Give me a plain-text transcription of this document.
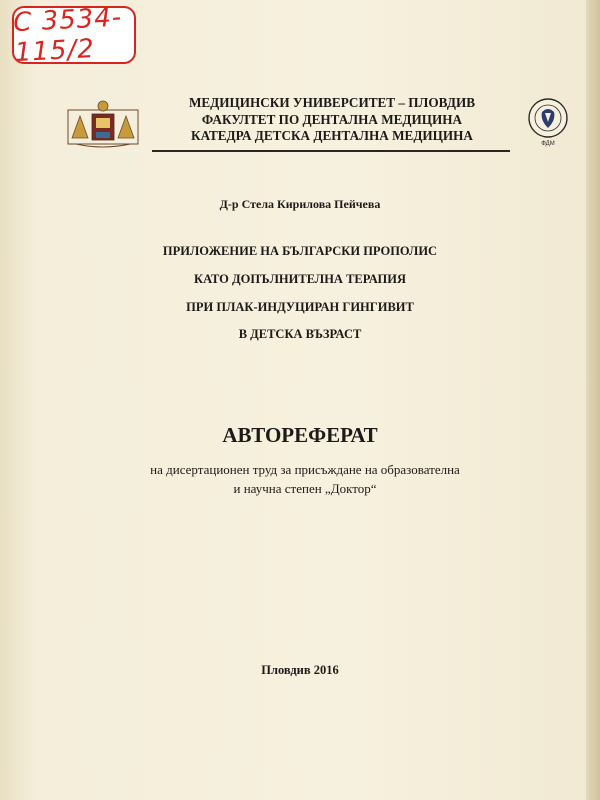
C 3534-115/2
ФДМ
МЕДИЦИНСКИ УНИВЕРСИТЕТ – ПЛОВДИВ
ФАКУЛТЕТ ПО ДЕНТАЛНА МЕДИЦИНА
КАТЕДРА ДЕТСКА ДЕНТАЛНА МЕДИЦИНА
Д-р Стела Кирилова Пейчева
ПРИЛОЖЕНИЕ НА БЪЛГАРСКИ ПРОПОЛИС
КАТО ДОПЪЛНИТЕЛНА ТЕРАПИЯ
ПРИ ПЛАК-ИНДУЦИРАН ГИНГИВИТ
В ДЕТСКА ВЪЗРАСТ
АВТОРЕФЕРАТ
на дисертационен труд за присъждане на образователна
и научна степен „Доктор“
Пловдив 2016
